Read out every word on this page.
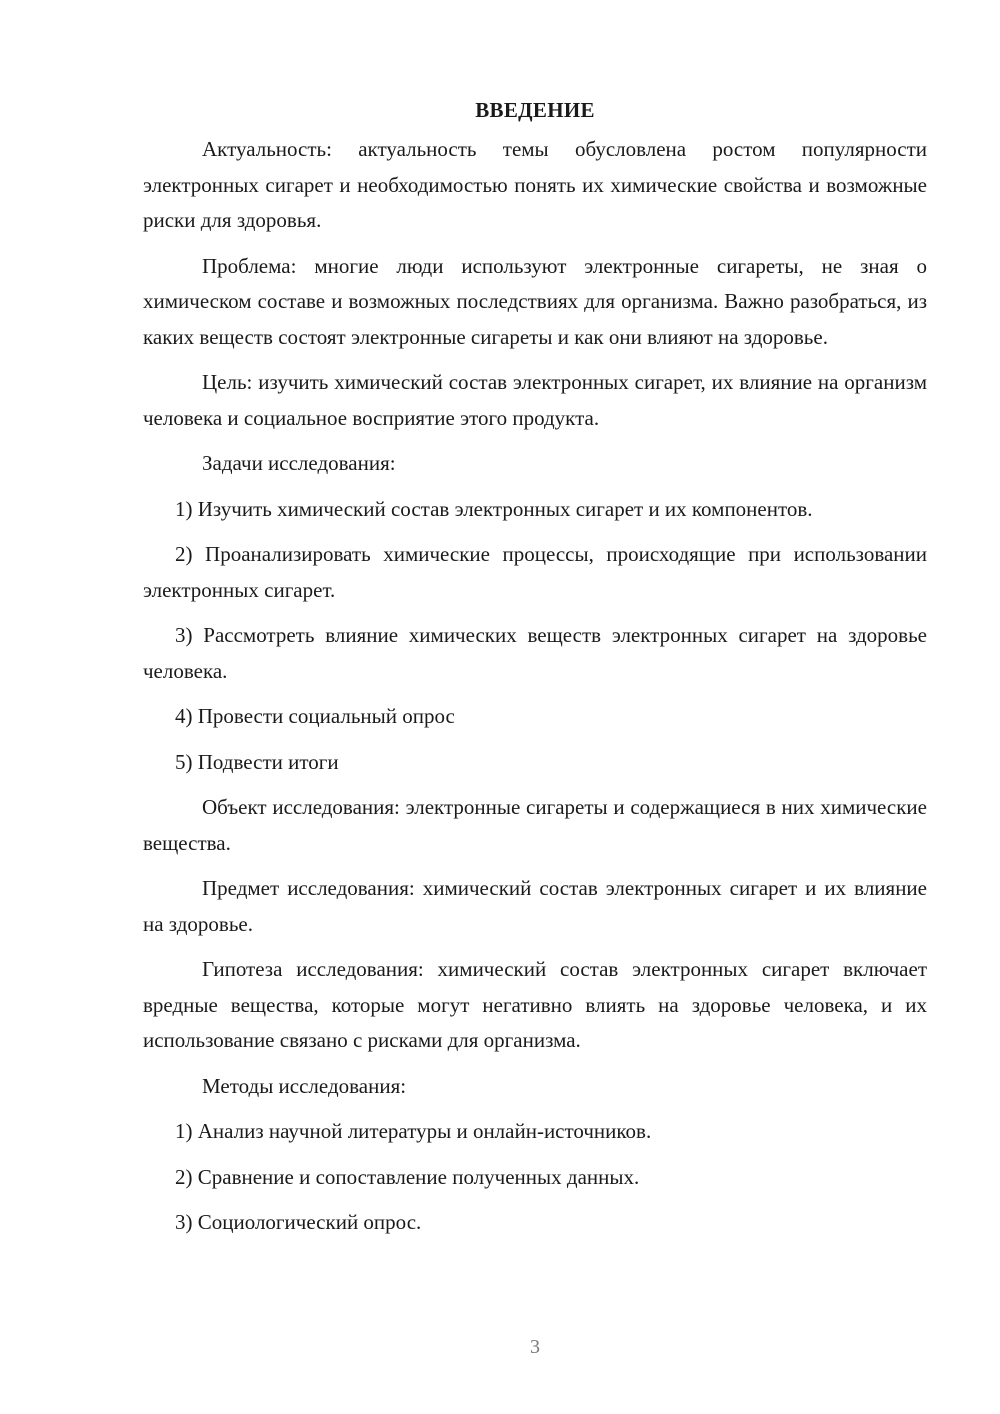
ВВЕДЕНИЕ

Актуальность: актуальность темы обусловлена ростом популярности электронных сигарет и необходимостью понять их химические свойства и возможные риски для здоровья.

Проблема: многие люди используют электронные сигареты, не зная о химическом составе и возможных последствиях для организма. Важно разобраться, из каких веществ состоят электронные сигареты и как они влияют на здоровье.

Цель: изучить химический состав электронных сигарет, их влияние на организм человека и социальное восприятие этого продукта.

Задачи исследования:

1) Изучить химический состав электронных сигарет и их компонентов.

2) Проанализировать химические процессы, происходящие при использовании электронных сигарет.

3) Рассмотреть влияние химических веществ электронных сигарет на здоровье человека.

4) Провести социальный опрос

5) Подвести итоги

Объект исследования: электронные сигареты и содержащиеся в них химические вещества.

Предмет исследования: химический состав электронных сигарет и их влияние на здоровье.

Гипотеза исследования: химический состав электронных сигарет включает вредные вещества, которые могут негативно влиять на здоровье человека, и их использование связано с рисками для организма.

Методы исследования:

1) Анализ научной литературы и онлайн-источников.

2) Сравнение и сопоставление полученных данных.

3) Социологический опрос.

3
